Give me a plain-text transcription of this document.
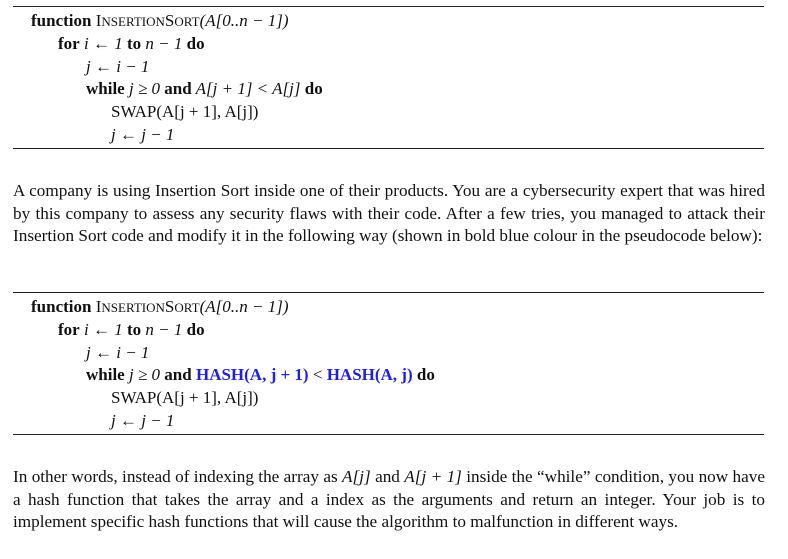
function INSERTIONSORT(A[0..n − 1])
for i ← 1 to n − 1 do
j ← i − 1
while j ≥ 0 and A[j + 1] < A[j] do
SWAP(A[j + 1], A[j])
j ← j − 1
A company is using Insertion Sort inside one of their products. You are a cybersecurity expert that was hired by this company to assess any security flaws with their code. After a few tries, you managed to attack their Insertion Sort code and modify it in the following way (shown in bold blue colour in the pseudocode below):
function INSERTIONSORT(A[0..n − 1])
for i ← 1 to n − 1 do
j ← i − 1
while j ≥ 0 and HASH(A, j + 1) < HASH(A, j) do
SWAP(A[j + 1], A[j])
j ← j − 1
In other words, instead of indexing the array as A[j] and A[j + 1] inside the “while” condition, you now have a hash function that takes the array and a index as the arguments and return an integer. Your job is to implement specific hash functions that will cause the algorithm to malfunction in different ways.
